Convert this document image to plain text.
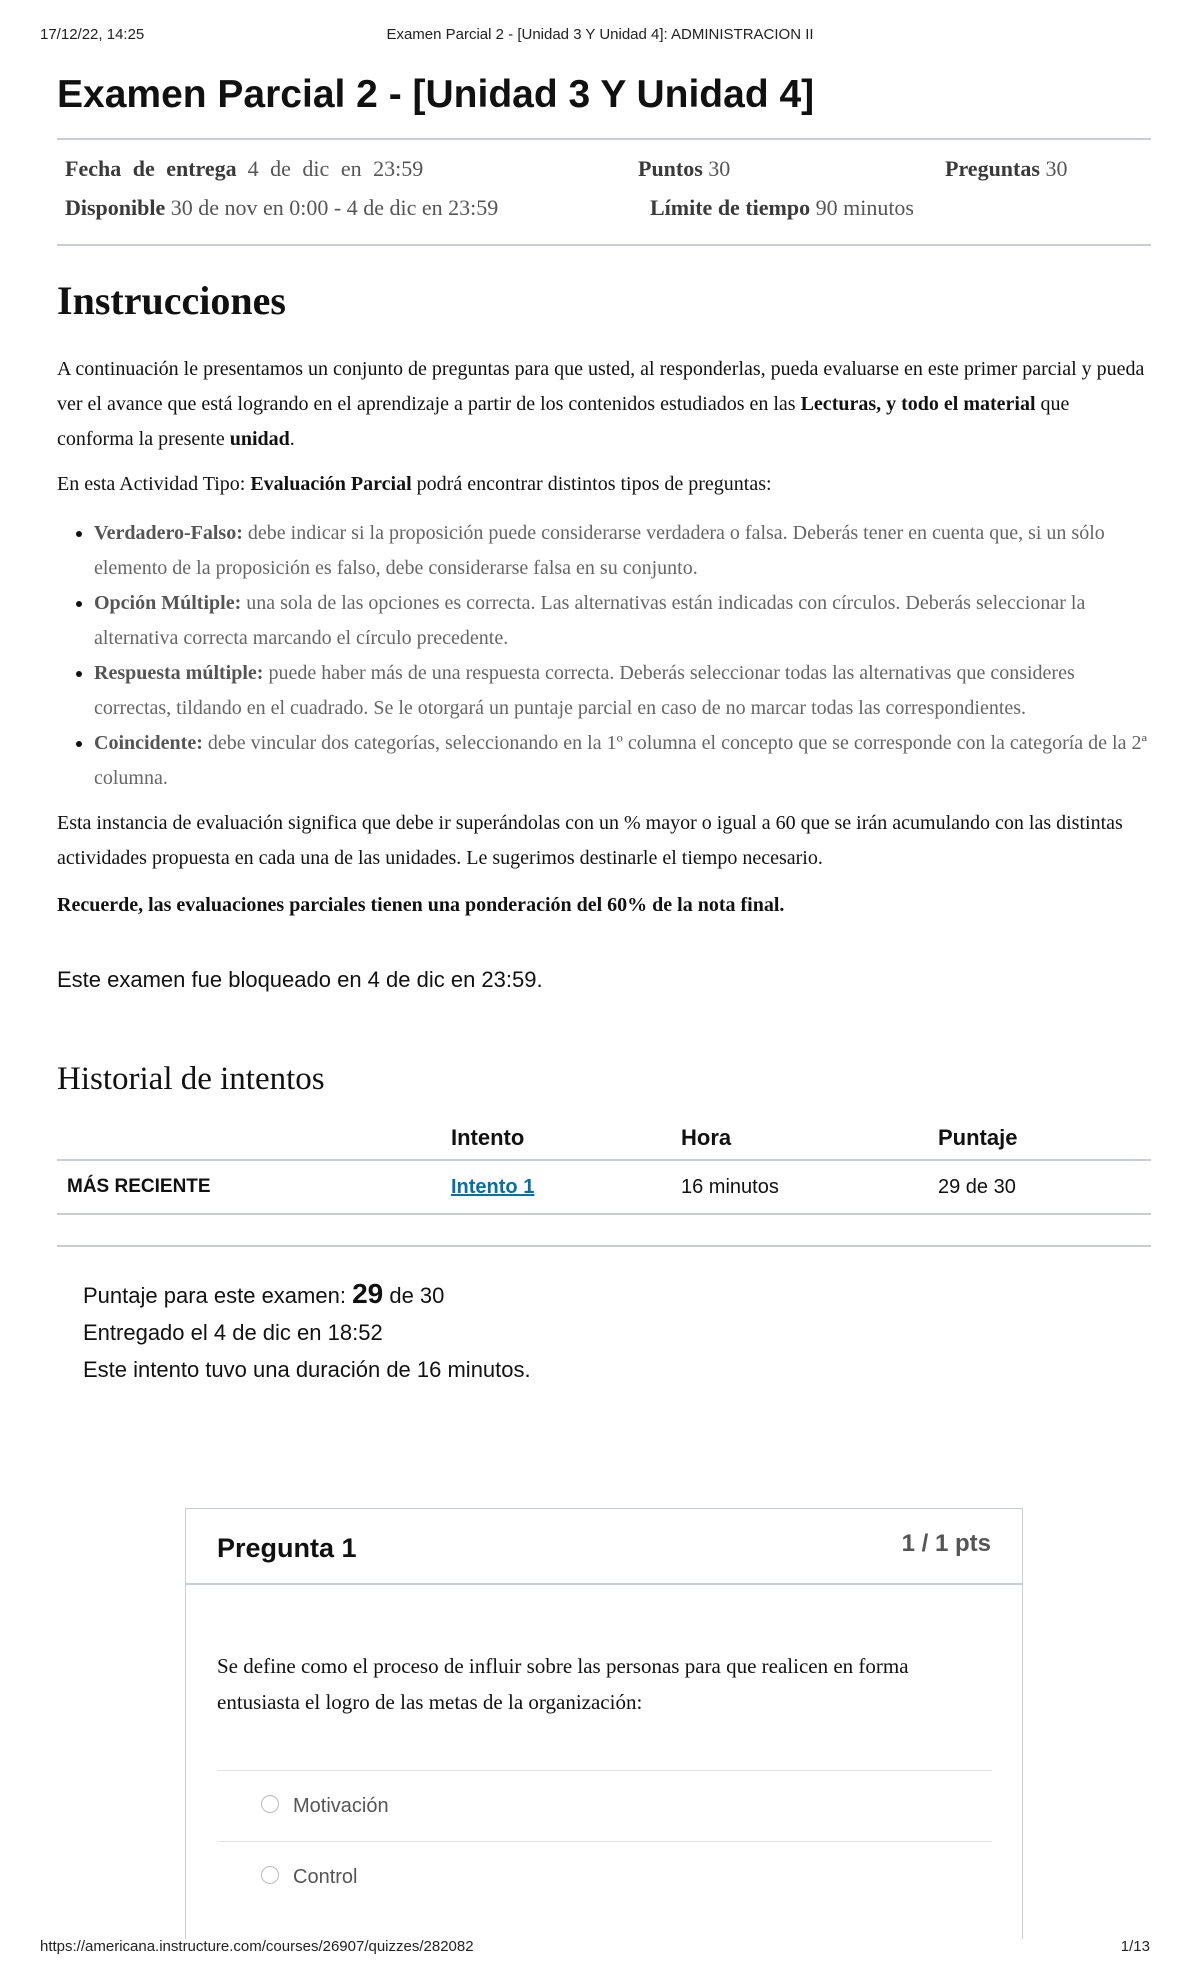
17/12/22, 14:25	Examen Parcial 2 - [Unidad 3 Y Unidad 4]: ADMINISTRACION II
Examen Parcial 2 - [Unidad 3 Y Unidad 4]
Fecha de entrega 4 de dic en 23:59	Puntos 30	Preguntas 30
Disponible 30 de nov en 0:00 - 4 de dic en 23:59	Límite de tiempo 90 minutos
Instrucciones

A continuación le presentamos un conjunto de preguntas para que usted, al responderlas, pueda evaluarse en este primer parcial y pueda ver el avance que está logrando en el aprendizaje a partir de los contenidos estudiados en las Lecturas, y todo el material que conforma la presente unidad.

En esta Actividad Tipo: Evaluación Parcial podrá encontrar distintos tipos de preguntas:

• Verdadero-Falso: debe indicar si la proposición puede considerarse verdadera o falsa. Deberás tener en cuenta que, si un sólo elemento de la proposición es falso, debe considerarse falsa en su conjunto.
• Opción Múltiple: una sola de las opciones es correcta. Las alternativas están indicadas con círculos. Deberás seleccionar la alternativa correcta marcando el círculo precedente.
• Respuesta múltiple: puede haber más de una respuesta correcta. Deberás seleccionar todas las alternativas que consideres correctas, tildando en el cuadrado. Se le otorgará un puntaje parcial en caso de no marcar todas las correspondientes.
• Coincidente: debe vincular dos categorías, seleccionando en la 1º columna el concepto que se corresponde con la categoría de la 2ª columna.

Esta instancia de evaluación significa que debe ir superándolas con un % mayor o igual a 60 que se irán acumulando con las distintas actividades propuesta en cada una de las unidades. Le sugerimos destinarle el tiempo necesario.

Recuerde, las evaluaciones parciales tienen una ponderación del 60% de la nota final.

Este examen fue bloqueado en 4 de dic en 23:59.
Historial de intentos
	Intento	Hora	Puntaje
MÁS RECIENTE	Intento 1	16 minutos	29 de 30
Puntaje para este examen: 29 de 30
Entregado el 4 de dic en 18:52
Este intento tuvo una duración de 16 minutos.
Pregunta 1	1 / 1 pts
Se define como el proceso de influir sobre las personas para que realicen en forma entusiasta el logro de las metas de la organización:
Motivación
Control
https://americana.instructure.com/courses/26907/quizzes/282082	1/13
